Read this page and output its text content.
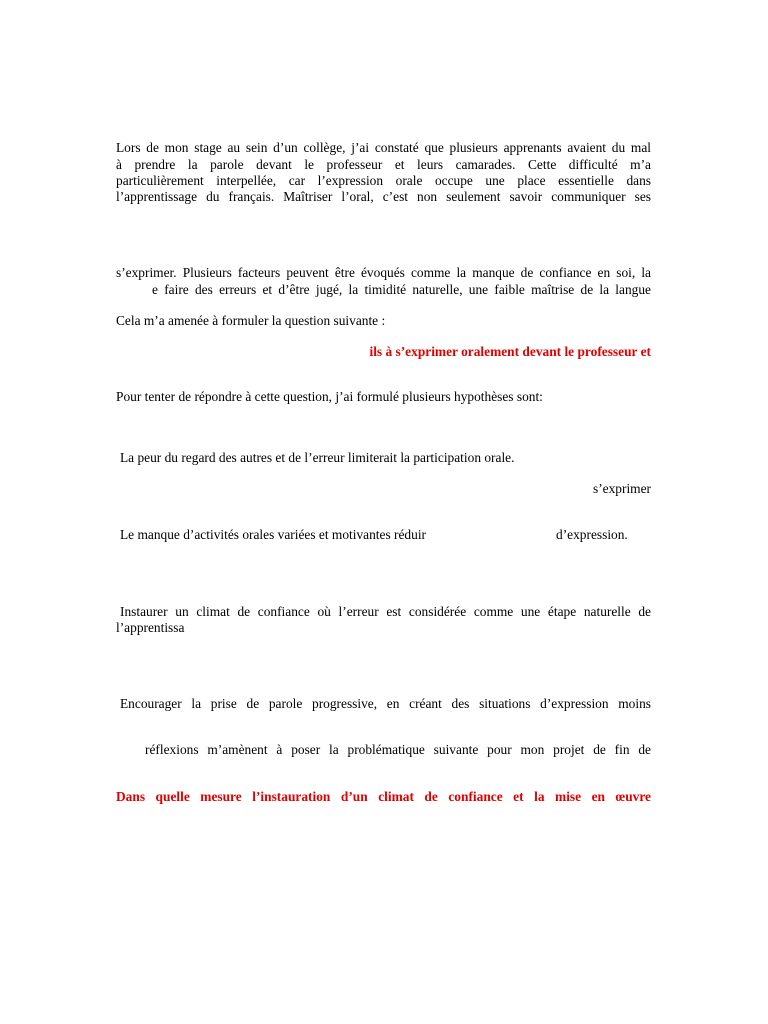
Lors de mon stage au sein d’un collège, j’ai constaté que plusieurs apprenants avaient du mal
à prendre la parole devant le professeur et leurs camarades. Cette difficulté m’a
particulièrement interpellée, car l’expression orale occupe une place essentielle dans
l’apprentissage du français. Maîtriser l’oral, c’est non seulement savoir communiquer ses
s’exprimer. Plusieurs facteurs peuvent être évoqués comme la manque de confiance en soi, la
e faire des erreurs et d’être jugé, la timidité naturelle, une faible maîtrise de la langue
Cela m’a amenée à formuler la question suivante :
ils à s’exprimer oralement devant le professeur et
Pour tenter de répondre à cette question, j’ai formulé plusieurs hypothèses sont:
La peur du regard des autres et de l’erreur limiterait la participation orale.
s’exprimer
Le manque d’activités orales variées et motivantes réduir	d’expression.
Instaurer un climat de confiance où l’erreur est considérée comme une étape naturelle de
l’apprentissa
Encourager la prise de parole progressive, en créant des situations d’expression moins
réflexions m’amènent à poser la problématique suivante pour mon projet de fin de
Dans quelle mesure l’instauration d’un climat de confiance et la mise en œuvre
